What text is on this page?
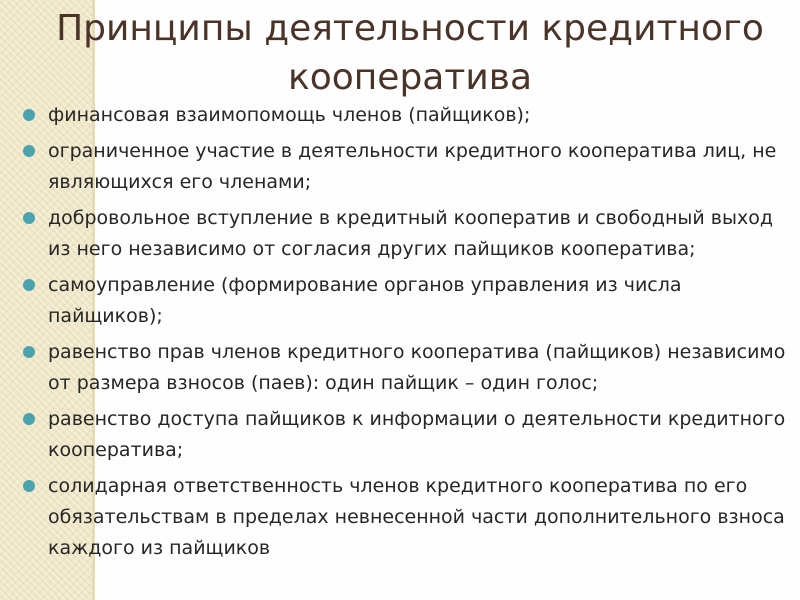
Принципы деятельности кредитного кооператива
финансовая взаимопомощь членов (пайщиков);
ограниченное участие в деятельности кредитного кооператива лиц, не являющихся его членами;
добровольное вступление в кредитный кооператив и свободный выход из него независимо от согласия других пайщиков кооператива;
самоуправление (формирование органов управления из числа пайщиков);
равенство прав членов кредитного кооператива (пайщиков) независимо от размера взносов (паев): один пайщик – один голос;
равенство доступа пайщиков к информации о деятельности кредитного кооператива;
солидарная ответственность членов кредитного кооператива по его обязательствам в пределах невнесенной части дополнительного взноса каждого из пайщиков
